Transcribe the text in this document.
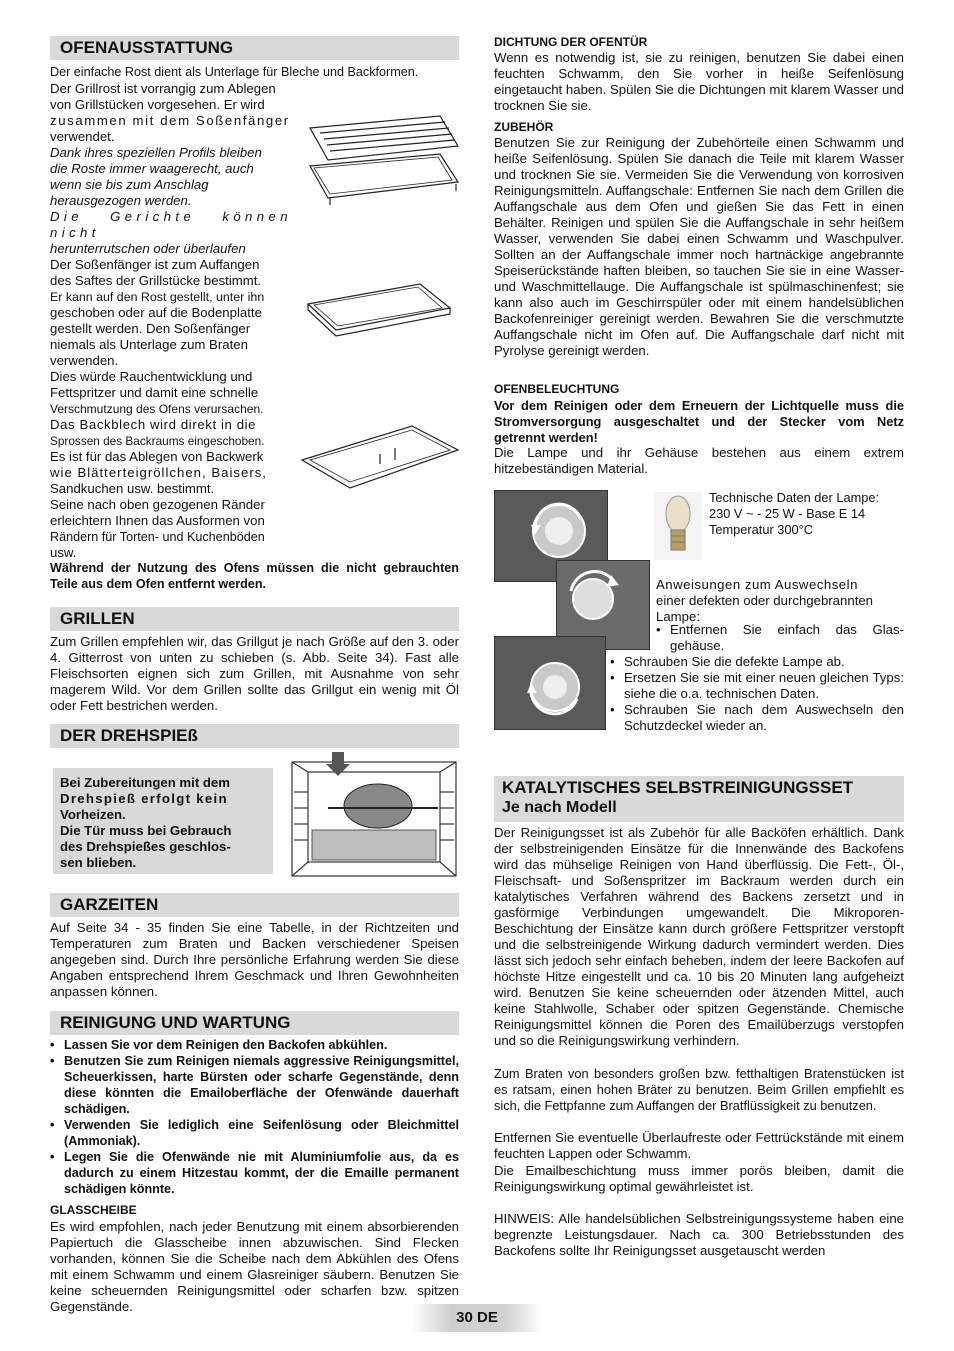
OFENAUSSTATTUNG
Der einfache Rost dient als Unterlage für Bleche und Backformen.

Der Grillrost ist vorrangig zum Ablegen

von Grillstücken vorgesehen. Er wird

zusammen mit dem Soßenfänger

verwendet.

Dank ihres speziellen Profils bleiben

die Roste immer waagerecht, auch

wenn sie bis zum Anschlag

herausgezogen werden.

Die Gerichte können nicht

herunterrutschen oder überlaufen

Der Soßenfänger ist zum Auffangen

des Saftes der Grillstücke bestimmt.

Er kann auf den Rost gestellt, unter ihn

geschoben oder auf die Bodenplatte

gestellt werden. Den Soßenfänger

niemals als Unterlage zum Braten

verwenden.

Dies würde Rauchentwicklung und

Fettspritzer und damit eine schnelle

Verschmutzung des Ofens verursachen.

Das Backblech wird direkt in die

Sprossen des Backraums eingeschoben.

Es ist für das Ablegen von Backwerk

wie Blätterteigröllchen, Baisers,

Sandkuchen usw. bestimmt.

Seine nach oben gezogenen Ränder

erleichtern Ihnen das Ausformen von

Rändern für Torten- und Kuchenböden

usw.

Während der Nutzung des Ofens müssen die nicht gebrauchten Teile aus dem Ofen entfernt werden.
GRILLEN
Zum Grillen empfehlen wir, das Grillgut je nach Größe auf den 3. oder 4. Gitterrost von unten zu schieben (s. Abb. Seite 34). Fast alle Fleischsorten eignen sich zum Grillen, mit Ausnahme von sehr magerem Wild. Vor dem Grillen sollte das Grillgut ein wenig mit Öl oder Fett bestrichen werden.
DER DREHSPIEß

Bei Zubereitungen mit dem

Drehspieß erfolgt kein

Vorheizen.

Die Tür muss bei Gebrauch

des Drehspießes geschlos-

sen blieben.

GARZEITEN
Auf Seite 34 - 35 finden Sie eine Tabelle, in der Richtzeiten und Temperaturen zum Braten und Backen verschiedener Speisen angegeben sind. Durch Ihre persönliche Erfahrung werden Sie diese Angaben entsprechend Ihrem Geschmack und Ihren Gewohnheiten anpassen können.
REINIGUNG UND WARTUNG
• Lassen Sie vor dem Reinigen den Backofen abkühlen.
• Benutzen Sie zum Reinigen niemals aggressive Reinigungsmittel, Scheuerkissen, harte Bürsten oder scharfe Gegenstände, denn diese könnten die Emailoberfläche der Ofenwände dauerhaft schädigen.
• Verwenden Sie lediglich eine Seifenlösung oder Bleichmittel (Ammoniak).
• Legen Sie die Ofenwände nie mit Aluminiumfolie aus, da es dadurch zu einem Hitzestau kommt, der die Emaille permanent schädigen könnte.
GLASSCHEIBE
Es wird empfohlen, nach jeder Benutzung mit einem absorbierenden Papiertuch die Glasscheibe innen abzuwischen. Sind Flecken vorhanden, können Sie die Scheibe nach dem Abkühlen des Ofens mit einem Schwamm und einem Glasreiniger säubern. Benutzen Sie keine scheuernden Reinigungsmittel oder scharfen bzw. spitzen Gegenstände.
DICHTUNG DER OFENTÜR
Wenn es notwendig ist, sie zu reinigen, benutzen Sie dabei einen feuchten Schwamm, den Sie vorher in heiße Seifenlösung eingetaucht haben. Spülen Sie die Dichtungen mit klarem Wasser und trocknen Sie sie.
ZUBEHÖR
Benutzen Sie zur Reinigung der Zubehörteile einen Schwamm und heiße Seifenlösung. Spülen Sie danach die Teile mit klarem Wasser und trocknen Sie sie. Vermeiden Sie die Verwendung von korrosiven Reinigungsmitteln. Auffangschale: Entfernen Sie nach dem Grillen die Auffangschale aus dem Ofen und gießen Sie das Fett in einen Behälter. Reinigen und spülen Sie die Auffangschale in sehr heißem Wasser, verwenden Sie dabei einen Schwamm und Waschpulver. Sollten an der Auffangschale immer noch hartnäckige angebrannte Speiserückstände haften bleiben, so tauchen Sie sie in eine Wasser- und Waschmittellauge. Die Auffangschale ist spülmaschinenfest; sie kann also auch im Geschirrspüler oder mit einem handelsüblichen Backofenreiniger gereinigt werden. Bewahren Sie die verschmutzte Auffangschale nicht im Ofen auf. Die Auffangschale darf nicht mit Pyrolyse gereinigt werden.
OFENBELEUCHTUNG
Vor dem Reinigen oder dem Erneuern der Lichtquelle muss die Stromversorgung ausgeschaltet und der Stecker vom Netz getrennt werden!
Die Lampe und ihr Gehäuse bestehen aus einem extrem hitzebeständigen Material.

Technische Daten der Lampe:

230 V ~ - 25 W - Base E 14

Temperatur 300°C

Anweisungen zum Auswechseln

einer defekten oder durchgebrannten

Lampe:

• Entfernen Sie einfach das Glas-gehäuse.
• Schrauben Sie die defekte Lampe ab.
• Ersetzen Sie sie mit einer neuen gleichen Typs: siehe die o.a. technischen Daten.
• Schrauben Sie nach dem Auswechseln den Schutzdeckel wieder an.
KATALYTISCHES SELBSTREINIGUNGSSET
Je nach Modell
Der Reinigungsset ist als Zubehör für alle Backöfen erhältlich. Dank der selbstreinigenden Einsätze für die Innenwände des Backofens wird das mühselige Reinigen von Hand überflüssig. Die Fett-, Öl-, Fleischsaft- und Soßenspritzer im Backraum werden durch ein katalytisches Verfahren während des Backens zersetzt und in gasförmige Verbindungen umgewandelt. Die Mikroporen-Beschichtung der Einsätze kann durch größere Fettspritzer verstopft und die selbstreinigende Wirkung dadurch vermindert werden. Dies lässt sich jedoch sehr einfach beheben, indem der leere Backofen auf höchste Hitze eingestellt und ca. 10 bis 20 Minuten lang aufgeheizt wird. Benutzen Sie keine scheuernden oder ätzenden Mittel, auch keine Stahlwolle, Schaber oder spitzen Gegenstände. Chemische Reinigungsmittel können die Poren des Emailüberzugs verstopfen und so die Reinigungswirkung verhindern.
Zum Braten von besonders großen bzw. fetthaltigen Bratenstücken ist es ratsam, einen hohen Bräter zu benutzen. Beim Grillen empfiehlt es sich, die Fettpfanne zum Auffangen der Bratflüssigkeit zu benutzen.
Entfernen Sie eventuelle Überlaufreste oder Fettrückstände mit einem feuchten Lappen oder Schwamm.
Die Emailbeschichtung muss immer porös bleiben, damit die Reinigungswirkung optimal gewährleistet ist.
HINWEIS: Alle handelsüblichen Selbstreinigungssysteme haben eine begrenzte Leistungsdauer. Nach ca. 300 Betriebsstunden des Backofens sollte Ihr Reinigungsset ausgetauscht werden
30 DE
